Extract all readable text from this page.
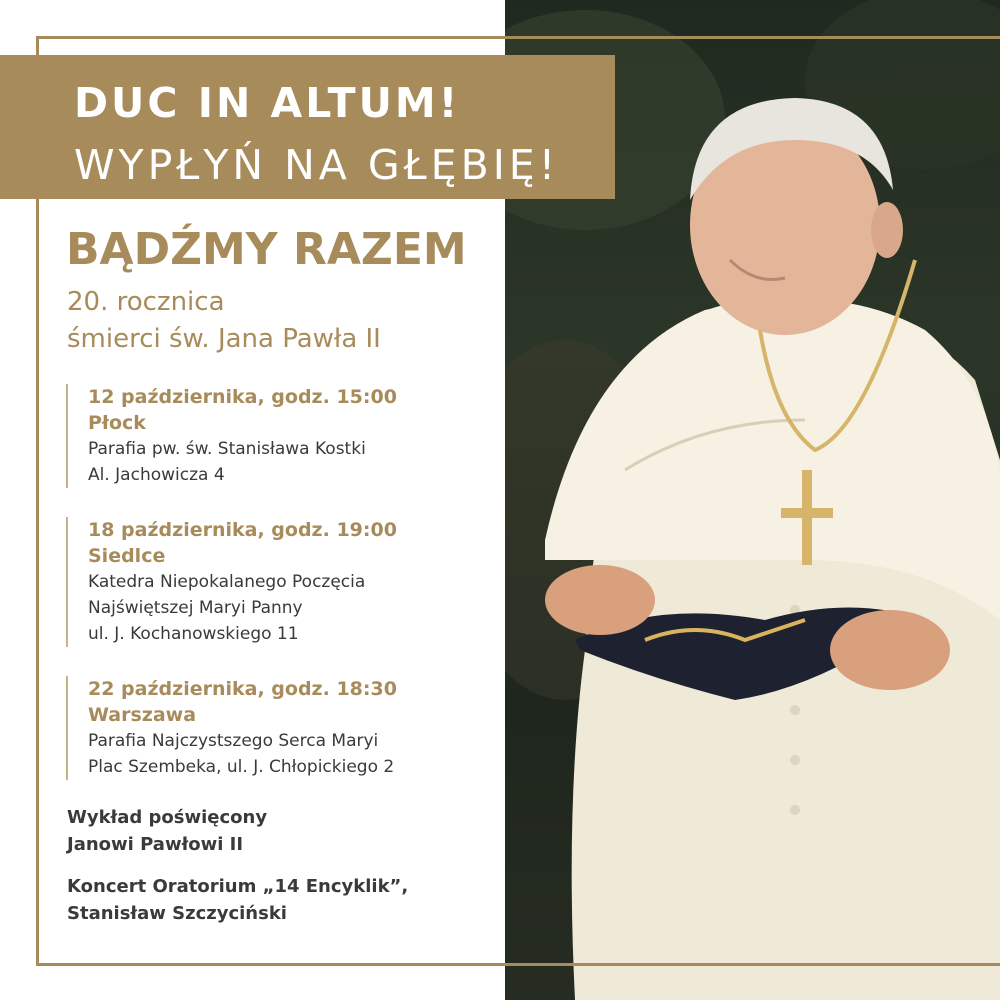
DUC IN ALTUM!
WYPŁYŃ NA GŁĘBIĘ!
BĄDŹMY RAZEM
20. rocznica
śmierci św. Jana Pawła II
12 października, godz. 15:00
Płock
Parafia pw. św. Stanisława Kostki
Al. Jachowicza 4
18 października, godz. 19:00
Siedlce
Katedra Niepokalanego Poczęcia
Najświętszej Maryi Panny
ul. J. Kochanowskiego 11
22 października, godz. 18:30
Warszawa
Parafia Najczystszego Serca Maryi
Plac Szembeka, ul. J. Chłopickiego 2
Wykład poświęcony
Janowi Pawłowi II
Koncert Oratorium „14 Encyklik”,
Stanisław Szczyciński
